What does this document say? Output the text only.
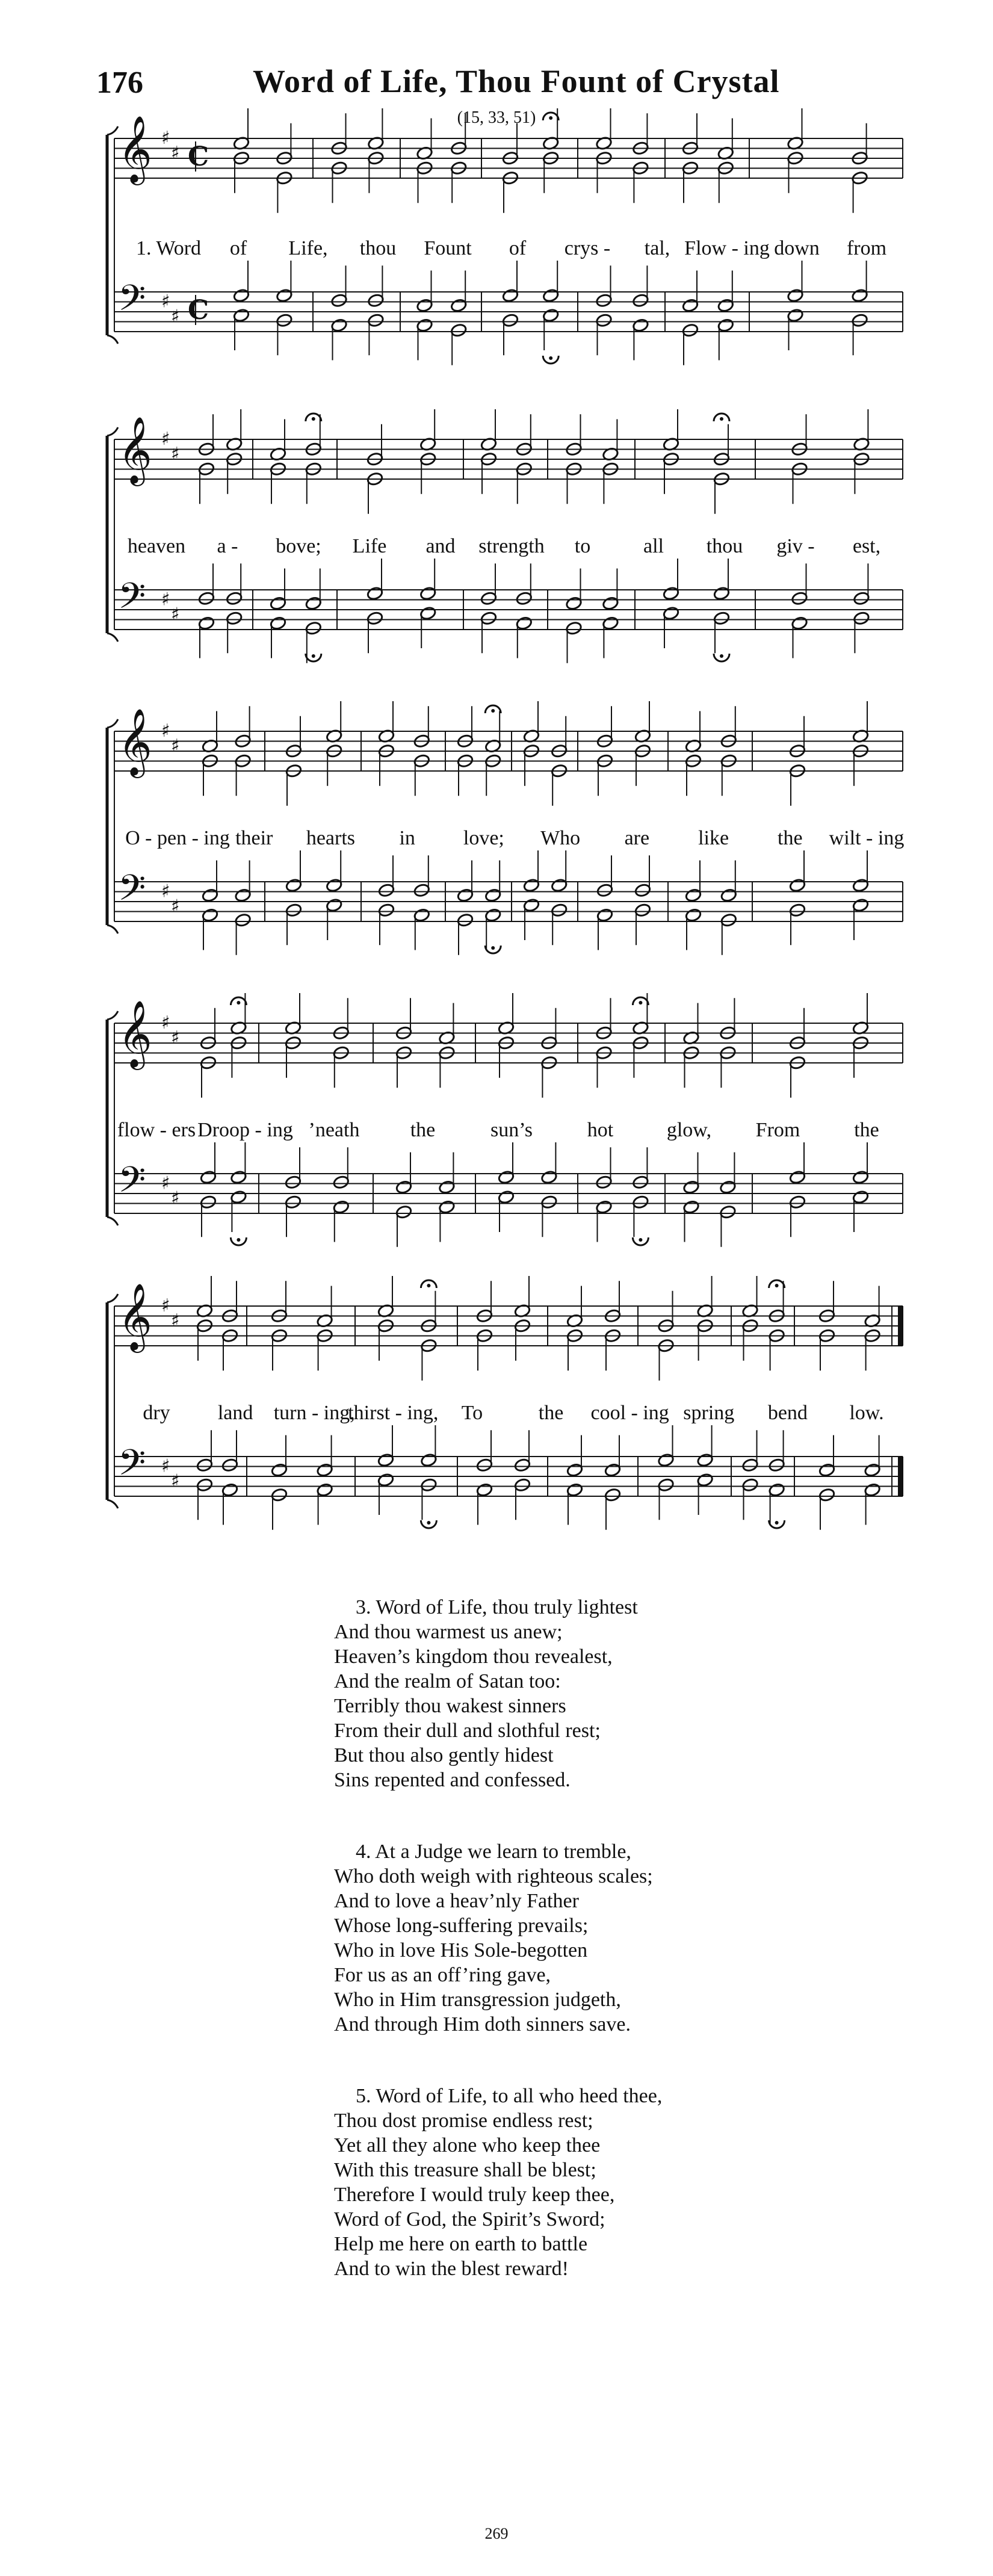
176	Word of Life, Thou Fount of Crystal
(15, 33, 51)
𝄞 ♯
♯ C
𝄢 ♯
♯ C
1. Word of Life, thou Fount of crys - tal, Flow - ing down from
𝄞 ♯
♯
𝄢 ♯
♯
heaven a - bove; Life and strength to	all thou giv - est,
𝄞 ♯
♯
𝄢 ♯
♯
O - pen - ing their hearts in love; Who are like the wilt - ing
𝄞 ♯
♯
𝄢 ♯
♯
flow - ers Droop - ing ’neath the	sun’s	hot	glow, From	the
𝄞 ♯
♯
𝄢 ♯
♯
dry land turn - ing,
thirst - ing, To	the cool - ing spring bend low.
3. Word of Life, thou truly lightest
And thou warmest us anew;
Heaven’s kingdom thou revealest,
And the realm of Satan too:
Terribly thou wakest sinners
From their dull and slothful rest;
But thou also gently hidest
Sins repented and confessed.
4. At a Judge we learn to tremble,
Who doth weigh with righteous scales;
And to love a heav’nly Father
Whose long-suffering prevails;
Who in love His Sole-begotten
For us as an off’ring gave,
Who in Him transgression judgeth,
And through Him doth sinners save.
5. Word of Life, to all who heed thee,
Thou dost promise endless rest;
Yet all they alone who keep thee
With this treasure shall be blest;
Therefore I would truly keep thee,
Word of God, the Spirit’s Sword;
Help me here on earth to battle
And to win the blest reward!
269
